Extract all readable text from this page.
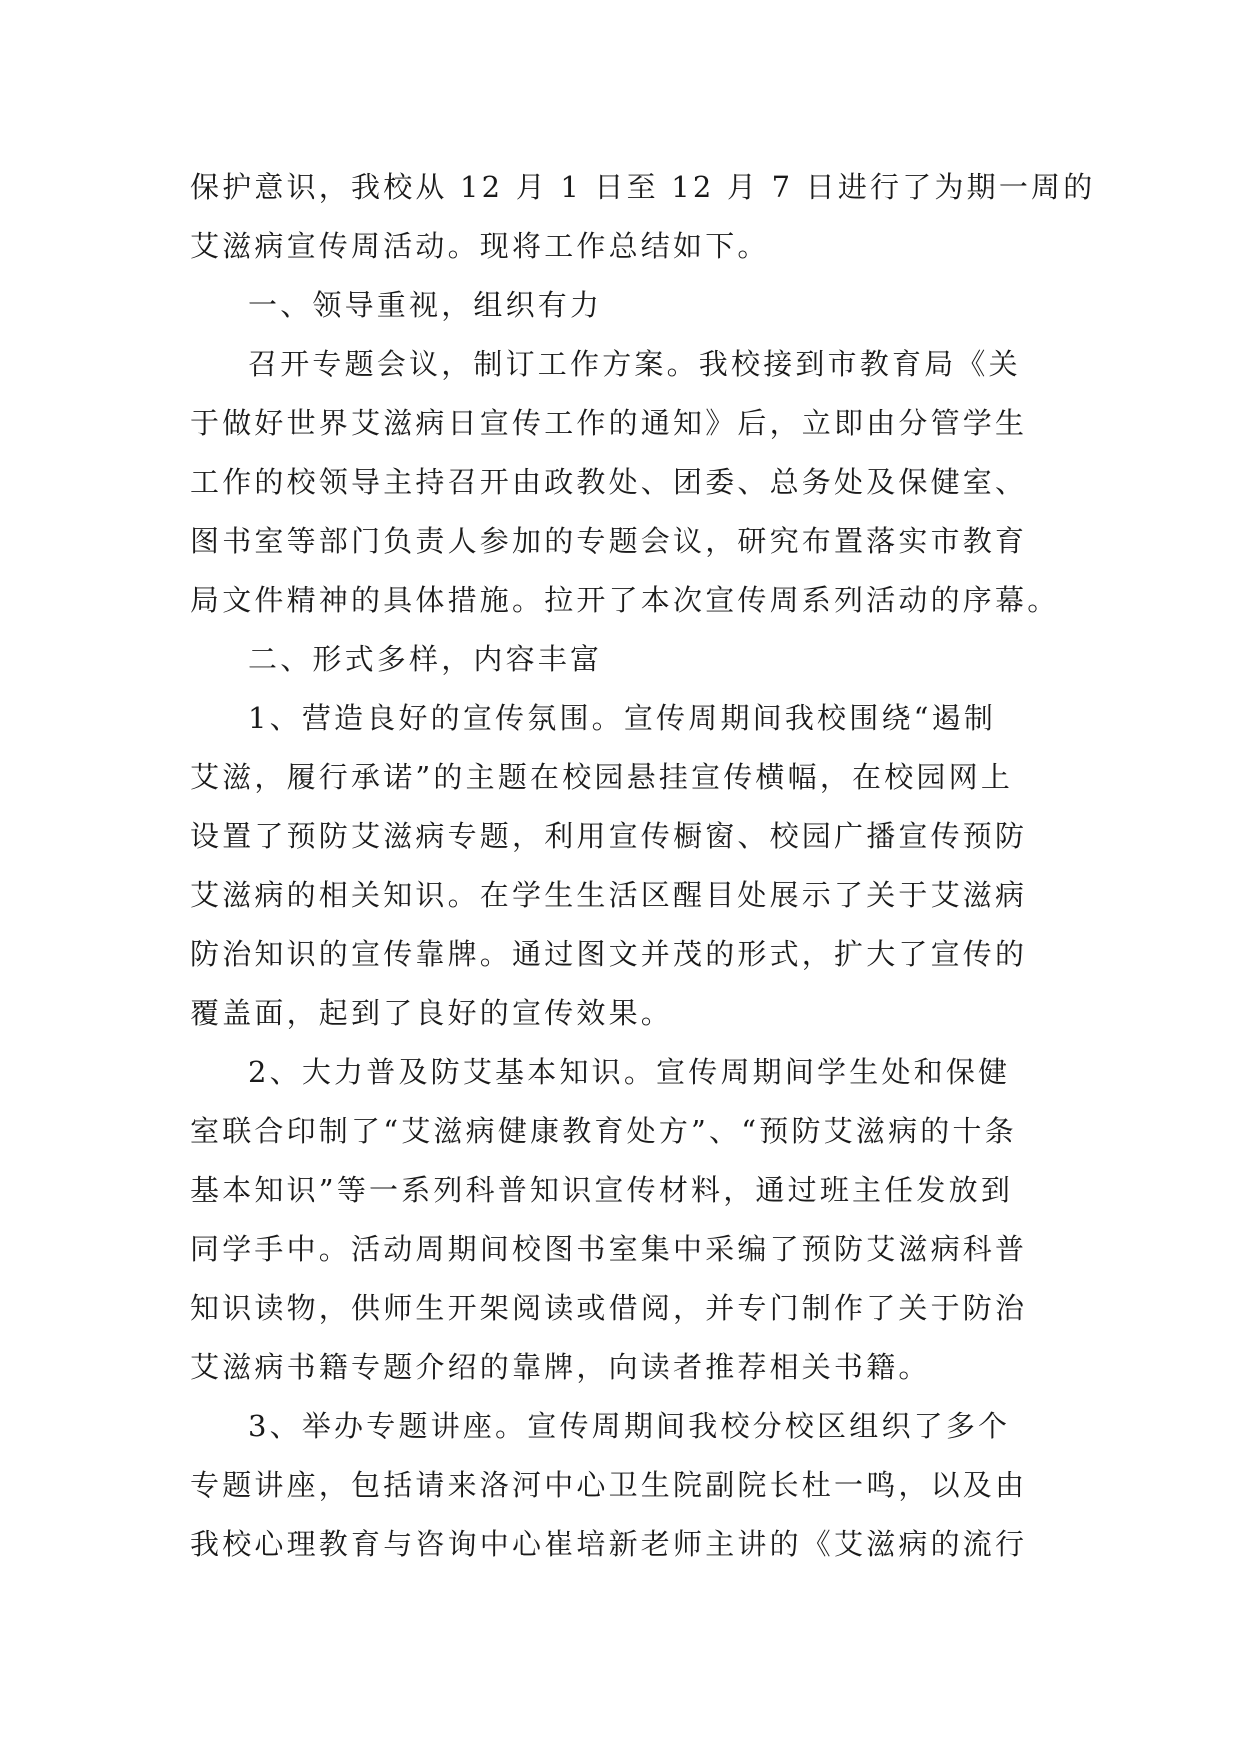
保护意识，我校从 12 月 1 日至 12 月 7 日进行了为期一周的
艾滋病宣传周活动。现将工作总结如下。
一、领导重视，组织有力
召开专题会议，制订工作方案。我校接到市教育局《关
于做好世界艾滋病日宣传工作的通知》后，立即由分管学生
工作的校领导主持召开由政教处、团委、总务处及保健室、
图书室等部门负责人参加的专题会议，研究布置落实市教育
局文件精神的具体措施。拉开了本次宣传周系列活动的序幕。
二、形式多样，内容丰富
1、营造良好的宣传氛围。宣传周期间我校围绕“遏制
艾滋，履行承诺”的主题在校园悬挂宣传横幅，在校园网上
设置了预防艾滋病专题，利用宣传橱窗、校园广播宣传预防
艾滋病的相关知识。在学生生活区醒目处展示了关于艾滋病
防治知识的宣传靠牌。通过图文并茂的形式，扩大了宣传的
覆盖面，起到了良好的宣传效果。
2、大力普及防艾基本知识。宣传周期间学生处和保健
室联合印制了“艾滋病健康教育处方”、“预防艾滋病的十条
基本知识”等一系列科普知识宣传材料，通过班主任发放到
同学手中。活动周期间校图书室集中采编了预防艾滋病科普
知识读物，供师生开架阅读或借阅，并专门制作了关于防治
艾滋病书籍专题介绍的靠牌，向读者推荐相关书籍。
3、举办专题讲座。宣传周期间我校分校区组织了多个
专题讲座，包括请来洛河中心卫生院副院长杜一鸣，以及由
我校心理教育与咨询中心崔培新老师主讲的《艾滋病的流行
